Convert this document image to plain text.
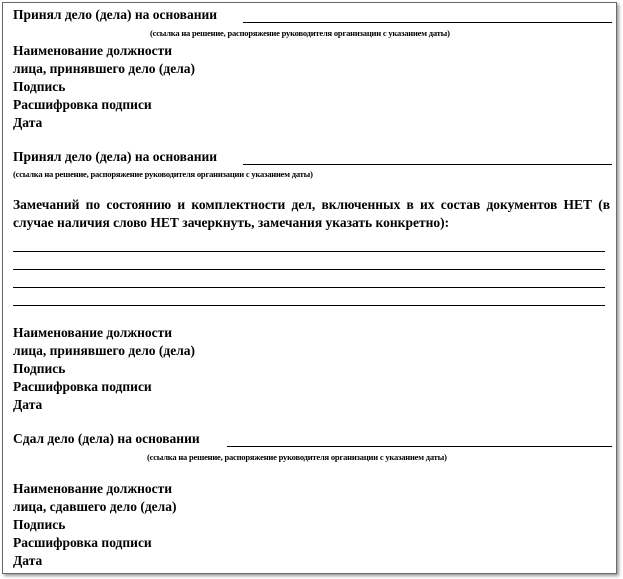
Принял дело (дела) на основании
(ссылка на решение, распоряжение руководителя организации с указанием даты)
Наименование должности
лица, принявшего дело (дела)
Подпись
Расшифровка подписи
Дата
Принял дело (дела) на основании
(ссылка на решение, распоряжение руководителя организации с указанием даты)
Замечаний по состоянию и комплектности дел, включенных в их состав документов НЕТ (в случае наличия слово НЕТ зачеркнуть, замечания указать конкретно):
Наименование должности
лица, принявшего дело (дела)
Подпись
Расшифровка подписи
Дата
Сдал дело (дела) на основании
(ссылка на решение, распоряжение руководителя организации с указанием даты)
Наименование должности
лица, сдавшего дело (дела)
Подпись
Расшифровка подписи
Дата
